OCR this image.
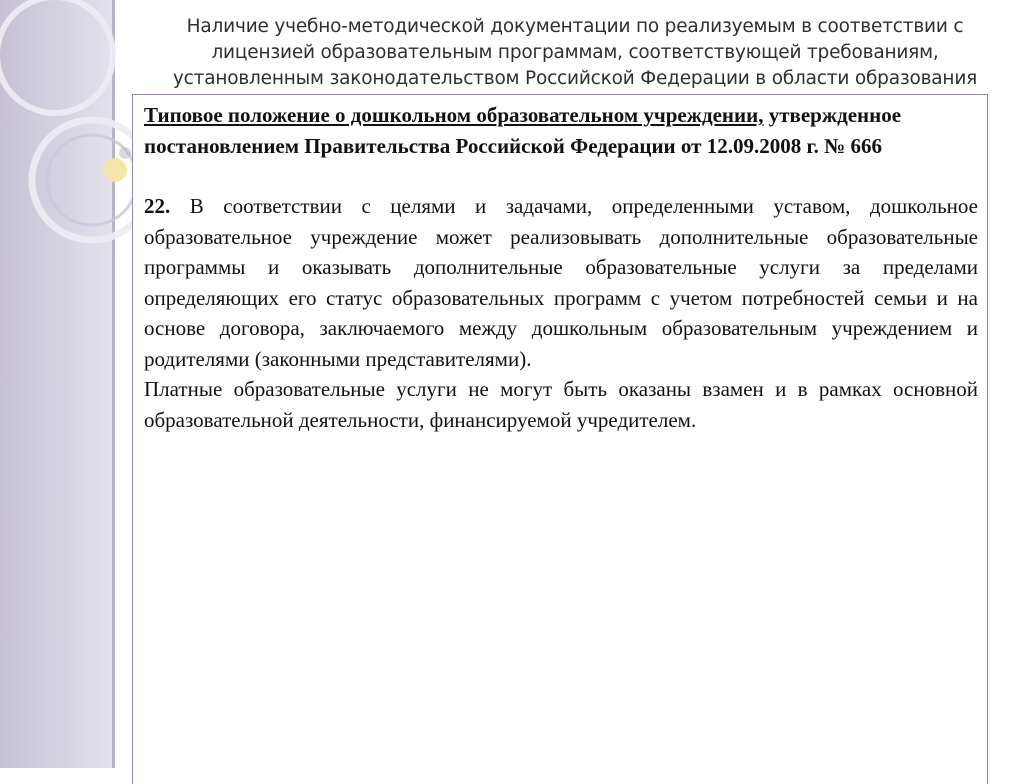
Наличие учебно-методической документации по реализуемым в соответствии с лицензией образовательным программам, соответствующей требованиям, установленным законодательством Российской Федерации в области образования

Типовое положение о дошкольном образовательном учреждении, утвержденное постановлением Правительства Российской Федерации от 12.09.2008 г. № 666

22. В соответствии с целями и задачами, определенными уставом, дошкольное образовательное учреждение может реализовывать дополнительные образовательные программы и оказывать дополнительные образовательные услуги за пределами определяющих его статус образовательных программ с учетом потребностей семьи и на основе договора, заключаемого между дошкольным образовательным учреждением и родителями (законными представителями).

Платные образовательные услуги не могут быть оказаны взамен и в рамках основной образовательной деятельности, финансируемой учредителем.
